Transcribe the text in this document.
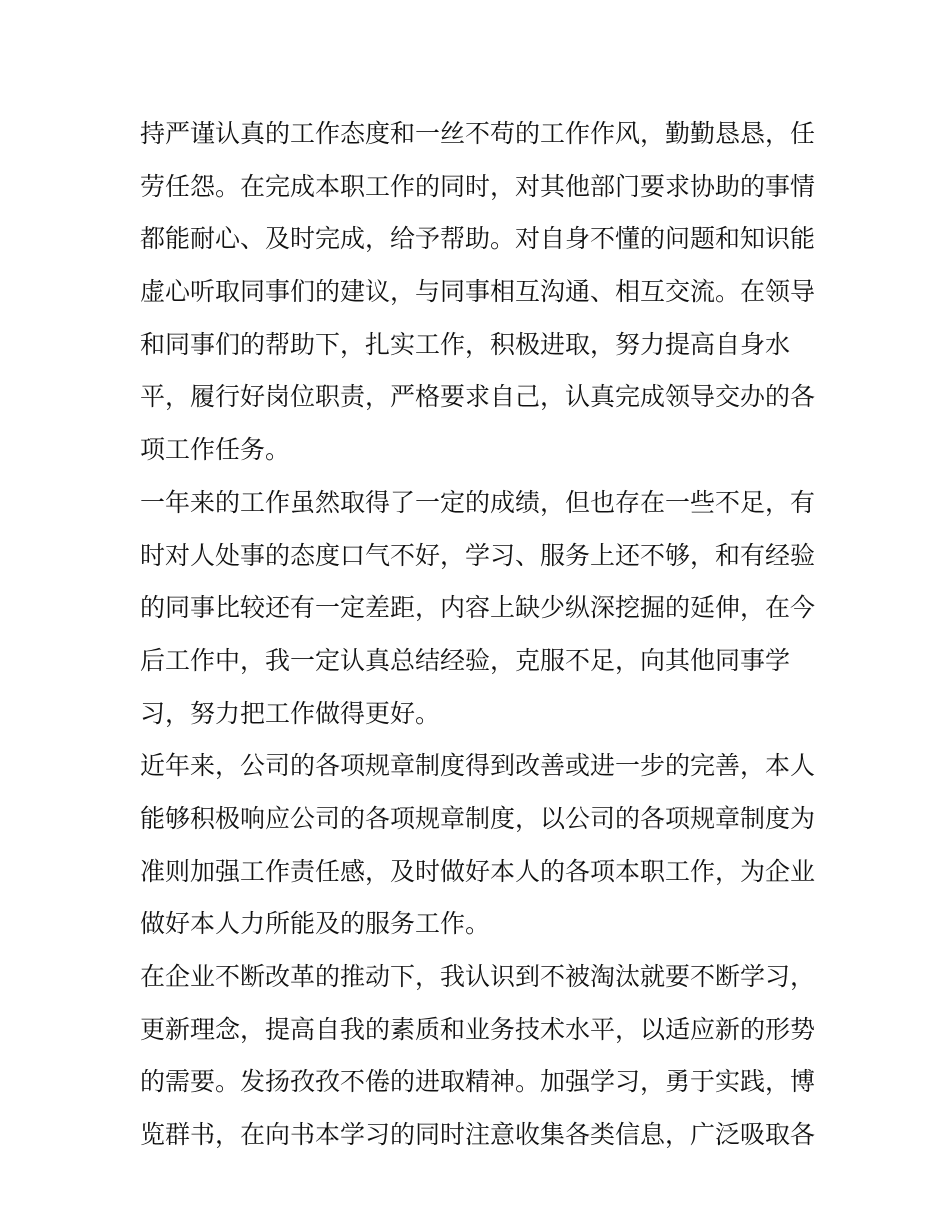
持严谨认真的工作态度和一丝不苟的工作作风，勤勤恳恳，任
劳任怨。在完成本职工作的同时，对其他部门要求协助的事情
都能耐心、及时完成，给予帮助。对自身不懂的问题和知识能
虚心听取同事们的建议，与同事相互沟通、相互交流。在领导
和同事们的帮助下，扎实工作，积极进取，努力提高自身水
平，履行好岗位职责，严格要求自己，认真完成领导交办的各
项工作任务。
一年来的工作虽然取得了一定的成绩，但也存在一些不足，有
时对人处事的态度口气不好，学习、服务上还不够，和有经验
的同事比较还有一定差距，内容上缺少纵深挖掘的延伸，在今
后工作中，我一定认真总结经验，克服不足，向其他同事学
习，努力把工作做得更好。
近年来，公司的各项规章制度得到改善或进一步的完善，本人
能够积极响应公司的各项规章制度，以公司的各项规章制度为
准则加强工作责任感，及时做好本人的各项本职工作，为企业
做好本人力所能及的服务工作。
在企业不断改革的推动下，我认识到不被淘汰就要不断学习，
更新理念，提高自我的素质和业务技术水平，以适应新的形势
的需要。发扬孜孜不倦的进取精神。加强学习，勇于实践，博
览群书，在向书本学习的同时注意收集各类信息，广泛吸取各
